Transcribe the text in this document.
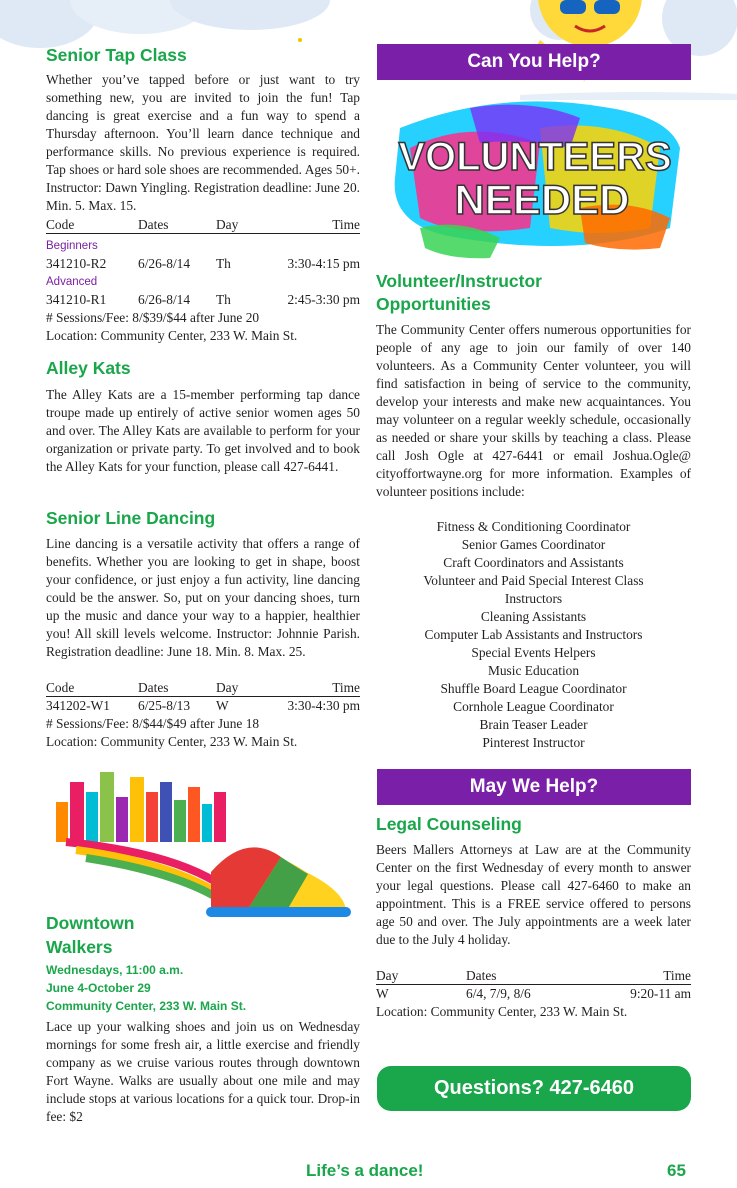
Senior Tap Class

Whether you’ve tapped before or just want to try something new, you are invited to join the fun! Tap dancing is great exercise and a fun way to spend a Thursday afternoon. You’ll learn dance technique and performance skills. No previous experience is required. Tap shoes or hard sole shoes are recommended. Ages 50+. Instructor: Dawn Yingling. Registration deadline: June 20. Min. 5. Max. 15.

Code	Dates	Day	Time
Beginners
341210-R2	6/26-8/14	Th	3:30-4:15 pm
Advanced
341210-R1	6/26-8/14	Th	2:45-3:30 pm
# Sessions/Fee: 8/$39/$44 after June 20
Location: Community Center, 233 W. Main St.
Alley Kats

The Alley Kats are a 15-member performing tap dance troupe made up entirely of active senior women ages 50 and over. The Alley Kats are available to perform for your organization or private party. To get involved and to book the Alley Kats for your function, please call 427-6441.

Senior Line Dancing

Line dancing is a versatile activity that offers a range of benefits. Whether you are looking to get in shape, boost your confidence, or just enjoy a fun activity, line dancing could be the answer. So, put on your dancing shoes, turn up the music and dance your way to a happier, healthier you! All skill levels welcome. Instructor: Johnnie Parish. Registration deadline: June 18. Min. 8. Max. 25.

Code	Dates	Day	Time
341202-W1	6/25-8/13	W	3:30-4:30 pm
# Sessions/Fee: 8/$44/$49 after June 18
Location: Community Center, 233 W. Main St.
Downtown
Walkers
Wednesdays, 11:00 a.m.
June 4-October 29
Community Center, 233 W. Main St.

Lace up your walking shoes and join us on Wednesday mornings for some fresh air, a little exercise and friendly company as we cruise various routes through downtown Fort Wayne. Walks are usually about one mile and may include stops at various locations for a quick tour. Drop-in fee: $2

Can You Help?
VOLUNTEERS
NEEDED
Volunteer/Instructor
Opportunities

The Community Center offers numerous opportunities for people of any age to join our family of over 140 volunteers. As a Community Center volunteer, you will find satisfaction in being of service to the community, develop your interests and make new acquaintances. You may volunteer on a regular weekly schedule, occasionally as needed or share your skills by teaching a class. Please call Josh Ogle at 427-6441 or email Joshua.Ogle@ cityoffortwayne.org for more information. Examples of volunteer positions include:

Fitness & Conditioning Coordinator
Senior Games Coordinator
Craft Coordinators and Assistants
Volunteer and Paid Special Interest Class
Instructors
Cleaning Assistants
Computer Lab Assistants and Instructors
Special Events Helpers
Music Education
Shuffle Board League Coordinator
Cornhole League Coordinator
Brain Teaser Leader
Pinterest Instructor
May We Help?
Legal Counseling

Beers Mallers Attorneys at Law are at the Community Center on the first Wednesday of every month to answer your legal questions. Please call 427-6460 to make an appointment. This is a FREE service offered to persons age 50 and over. The July appointments are a week later due to the July 4 holiday.

Day	Dates	Time
W	6/4, 7/9, 8/6	9:20-11 am
Location: Community Center, 233 W. Main St.
Questions? 427-6460
Life’s a dance!	65
